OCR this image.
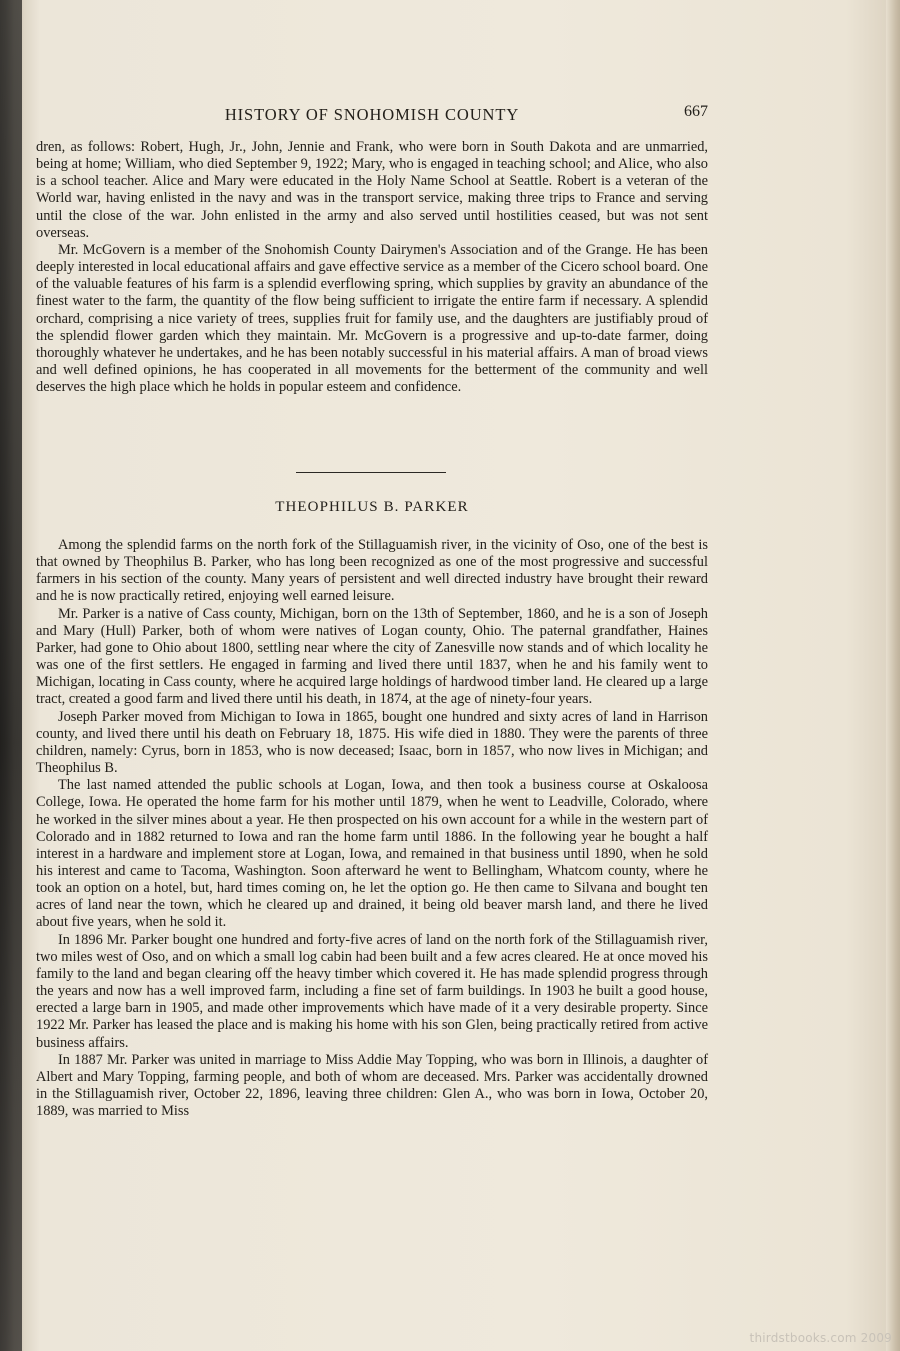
HISTORY OF SNOHOMISH COUNTY	667

dren, as follows: Robert, Hugh, Jr., John, Jennie and Frank, who were born in South Dakota and are unmarried, being at home; William, who died September 9, 1922; Mary, who is engaged in teaching school; and Alice, who also is a school teacher. Alice and Mary were educated in the Holy Name School at Seattle. Robert is a veteran of the World war, having enlisted in the navy and was in the transport service, making three trips to France and serving until the close of the war. John enlisted in the army and also served until hostilities ceased, but was not sent overseas.

Mr. McGovern is a member of the Snohomish County Dairymen's Association and of the Grange. He has been deeply interested in local educational affairs and gave effective service as a member of the Cicero school board. One of the valuable features of his farm is a splendid everflowing spring, which supplies by gravity an abundance of the finest water to the farm, the quantity of the flow being sufficient to irrigate the entire farm if necessary. A splendid orchard, comprising a nice variety of trees, supplies fruit for family use, and the daughters are justifiably proud of the splendid flower garden which they maintain. Mr. McGovern is a progressive and up-to-date farmer, doing thoroughly whatever he undertakes, and he has been notably successful in his material affairs. A man of broad views and well defined opinions, he has cooperated in all movements for the betterment of the community and well deserves the high place which he holds in popular esteem and confidence.

THEOPHILUS B. PARKER

Among the splendid farms on the north fork of the Stillaguamish river, in the vicinity of Oso, one of the best is that owned by Theophilus B. Parker, who has long been recognized as one of the most progressive and successful farmers in his section of the county. Many years of persistent and well directed industry have brought their reward and he is now practically retired, enjoying well earned leisure.

Mr. Parker is a native of Cass county, Michigan, born on the 13th of September, 1860, and he is a son of Joseph and Mary (Hull) Parker, both of whom were natives of Logan county, Ohio. The paternal grandfather, Haines Parker, had gone to Ohio about 1800, settling near where the city of Zanesville now stands and of which locality he was one of the first settlers. He engaged in farming and lived there until 1837, when he and his family went to Michigan, locating in Cass county, where he acquired large holdings of hardwood timber land. He cleared up a large tract, created a good farm and lived there until his death, in 1874, at the age of ninety-four years.

Joseph Parker moved from Michigan to Iowa in 1865, bought one hundred and sixty acres of land in Harrison county, and lived there until his death on February 18, 1875. His wife died in 1880. They were the parents of three children, namely: Cyrus, born in 1853, who is now deceased; Isaac, born in 1857, who now lives in Michigan; and Theophilus B.

The last named attended the public schools at Logan, Iowa, and then took a business course at Oskaloosa College, Iowa. He operated the home farm for his mother until 1879, when he went to Leadville, Colorado, where he worked in the silver mines about a year. He then prospected on his own account for a while in the western part of Colorado and in 1882 returned to Iowa and ran the home farm until 1886. In the following year he bought a half interest in a hardware and implement store at Logan, Iowa, and remained in that business until 1890, when he sold his interest and came to Tacoma, Washington. Soon afterward he went to Bellingham, Whatcom county, where he took an option on a hotel, but, hard times coming on, he let the option go. He then came to Silvana and bought ten acres of land near the town, which he cleared up and drained, it being old beaver marsh land, and there he lived about five years, when he sold it.

In 1896 Mr. Parker bought one hundred and forty-five acres of land on the north fork of the Stillaguamish river, two miles west of Oso, and on which a small log cabin had been built and a few acres cleared. He at once moved his family to the land and began clearing off the heavy timber which covered it. He has made splendid progress through the years and now has a well improved farm, including a fine set of farm buildings. In 1903 he built a good house, erected a large barn in 1905, and made other improvements which have made of it a very desirable property. Since 1922 Mr. Parker has leased the place and is making his home with his son Glen, being practically retired from active business affairs.

In 1887 Mr. Parker was united in marriage to Miss Addie May Topping, who was born in Illinois, a daughter of Albert and Mary Topping, farming people, and both of whom are deceased. Mrs. Parker was accidentally drowned in the Stillaguamish river, October 22, 1896, leaving three children: Glen A., who was born in Iowa, October 20, 1889, was married to Miss

thirdstbooks.com 2009
